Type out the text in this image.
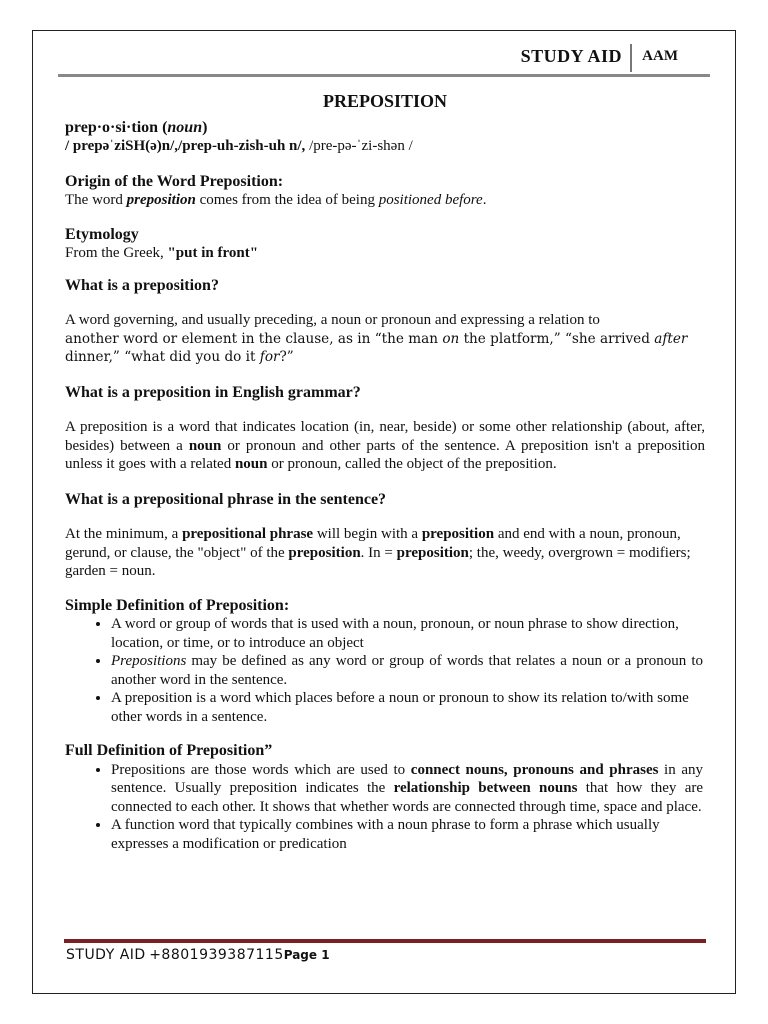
STUDY AID AAM

PREPOSITION

prep·o·si·tion (noun)

/ prepəˈziSH(ə)n/,/prep-uh-zish-uh n/, /pre-pə-ˈzi-shən /

Origin of the Word Preposition:

The word preposition comes from the idea of being positioned before.

Etymology

From the Greek, "put in front"

What is a preposition?

A word governing, and usually preceding, a noun or pronoun and expressing a relation to
another word or element in the clause, as in “the man on the platform,” “she arrived after
dinner,” “what did you do it for?”

What is a preposition in English grammar?

A preposition is a word that indicates location (in, near, beside) or some other relationship (about, after, besides) between a noun or pronoun and other parts of the sentence. A preposition isn't a preposition unless it goes with a related noun or pronoun, called the object of the preposition.

What is a prepositional phrase in the sentence?

At the minimum, a prepositional phrase will begin with a preposition and end with a noun, pronoun, gerund, or clause, the "object" of the preposition. In = preposition; the, weedy, overgrown = modifiers; garden = noun.

Simple Definition of Preposition:
• A word or group of words that is used with a noun, pronoun, or noun phrase to show direction, location, or time, or to introduce an object
• Prepositions may be defined as any word or group of words that relates a noun or a pronoun to another word in the sentence.
• A preposition is a word which places before a noun or pronoun to show its relation to/with some other words in a sentence.
Full Definition of Preposition”
• Prepositions are those words which are used to connect nouns, pronouns and phrases in any sentence. Usually preposition indicates the relationship between nouns that how they are connected to each other. It shows that whether words are connected through time, space and place.
• A function word that typically combines with a noun phrase to form a phrase which usually expresses a modification or predication
STUDY AID +8801939387115Page 1
